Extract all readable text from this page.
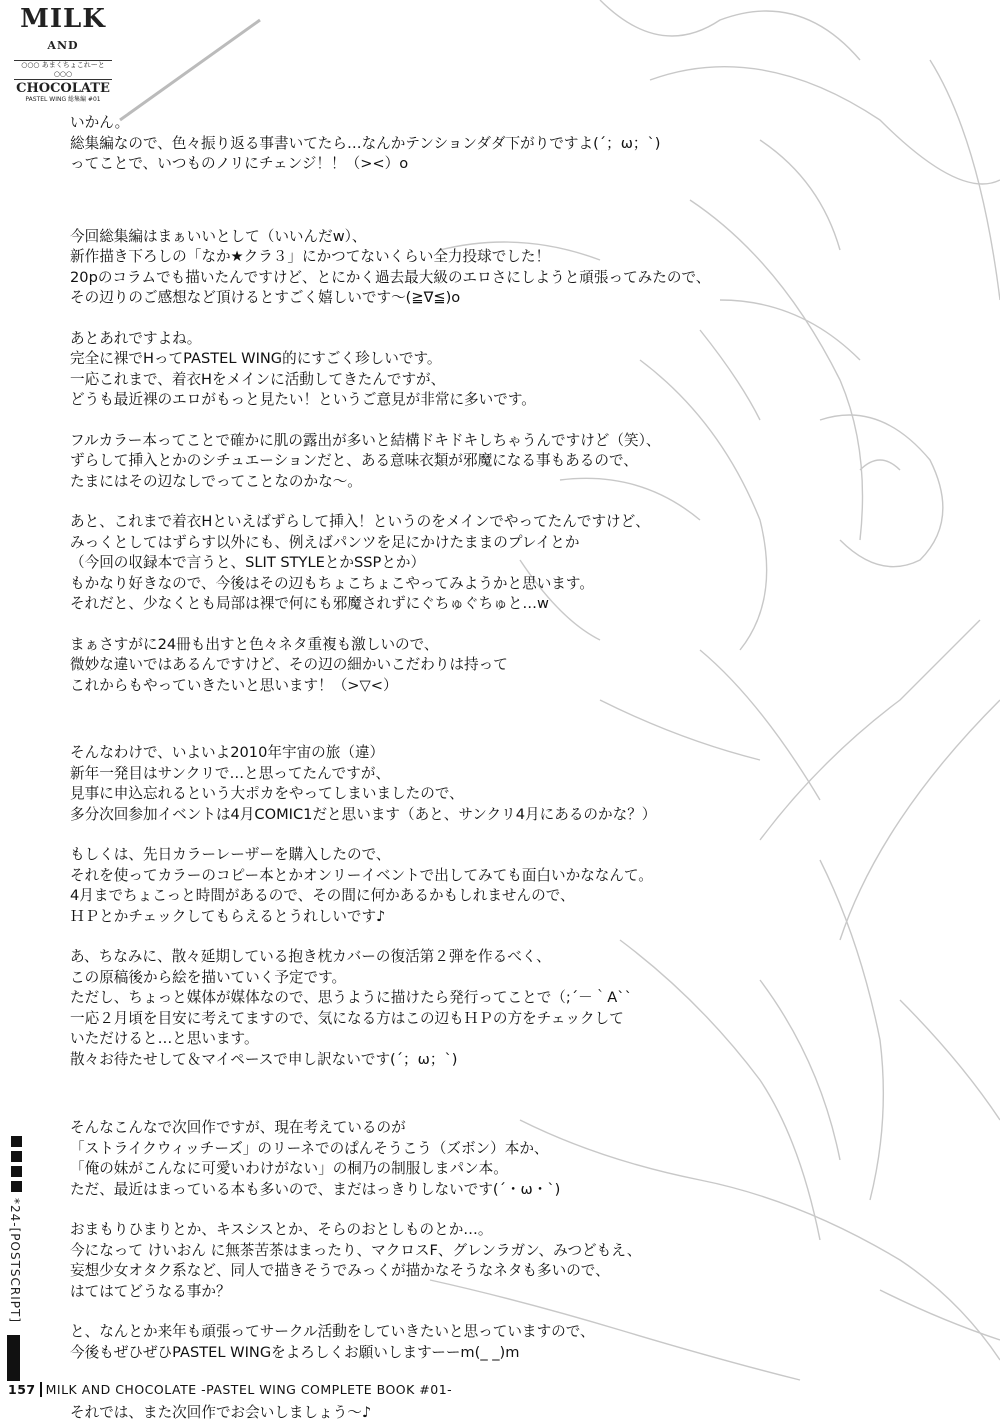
MILK AND
○○○ あまくちょこれーと ○○○
CHOCOLATE
PASTEL WING 総集編 #01
いかん。
総集編なので、色々振り返る事書いてたら…なんかテンションダダ下がりですよ(´；ω；`)
ってことで、いつものノリにチェンジ！！（><）o
今回総集編はまぁいいとして（いいんだw）、
新作描き下ろしの「なか★クラ３」にかつてないくらい全力投球でした！
20pのコラムでも描いたんですけど、とにかく過去最大級のエロさにしようと頑張ってみたので、
その辺りのご感想など頂けるとすごく嬉しいです～(≧∇≦)o
あとあれですよね。
完全に裸でHってPASTEL WING的にすごく珍しいです。
一応これまで、着衣Hをメインに活動してきたんですが、
どうも最近裸のエロがもっと見たい！というご意見が非常に多いです。
フルカラー本ってことで確かに肌の露出が多いと結構ドキドキしちゃうんですけど（笑）、
ずらして挿入とかのシチュエーションだと、ある意味衣類が邪魔になる事もあるので、
たまにはその辺なしでってことなのかな～。
あと、これまで着衣Hといえばずらして挿入！というのをメインでやってたんですけど、
みっくとしてはずらす以外にも、例えばパンツを足にかけたままのプレイとか
（今回の収録本で言うと、SLIT STYLEとかSSPとか）
もかなり好きなので、今後はその辺もちょこちょこやってみようかと思います。
それだと、少なくとも局部は裸で何にも邪魔されずにぐちゅぐちゅと…w
まぁさすがに24冊も出すと色々ネタ重複も激しいので、
微妙な違いではあるんですけど、その辺の細かいこだわりは持って
これからもやっていきたいと思います！（>▽<）
そんなわけで、いよいよ2010年宇宙の旅（違）
新年一発目はサンクリで…と思ってたんですが、
見事に申込忘れるという大ポカをやってしまいましたので、
多分次回参加イベントは4月COMIC1だと思います（あと、サンクリ4月にあるのかな？）
もしくは、先日カラーレーザーを購入したので、
それを使ってカラーのコピー本とかオンリーイベントで出してみても面白いかななんて。
4月までちょこっと時間があるので、その間に何かあるかもしれませんので、
ＨＰとかチェックしてもらえるとうれしいです♪
あ、ちなみに、散々延期している抱き枕カバーの復活第２弾を作るべく、
この原稿後から絵を描いていく予定です。
ただし、ちょっと媒体が媒体なので、思うように描けたら発行ってことで（;´－｀A``
一応２月頃を目安に考えてますので、気になる方はこの辺もＨＰの方をチェックして
いただけると…と思います。
散々お待たせして＆マイペースで申し訳ないです(´；ω；`)
そんなこんなで次回作ですが、現在考えているのが
「ストライクウィッチーズ」のリーネでのぱんそうこう（ズボン）本か、
「俺の妹がこんなに可愛いわけがない」の桐乃の制服しまパン本。
ただ、最近はまっている本も多いので、まだはっきりしないです(´・ω・`)
おまもりひまりとか、キスシスとか、そらのおとしものとか…。
今になって けいおん に無茶苦茶はまったり、マクロスF、グレンラガン、みつどもえ、
妄想少女オタク系など、同人で描きそうでみっくが描かなそうなネタも多いので、
はてはてどうなる事か？
と、なんとか来年も頑張ってサークル活動をしていきたいと思っていますので、
今後もぜひぜひPASTEL WINGをよろしくお願いしますーーm(_ _)m
それでは、また次回作でお会いしましょう～♪
*24-[POSTSCRIPT]
157 MILK AND CHOCOLATE -PASTEL WING COMPLETE BOOK #01-
